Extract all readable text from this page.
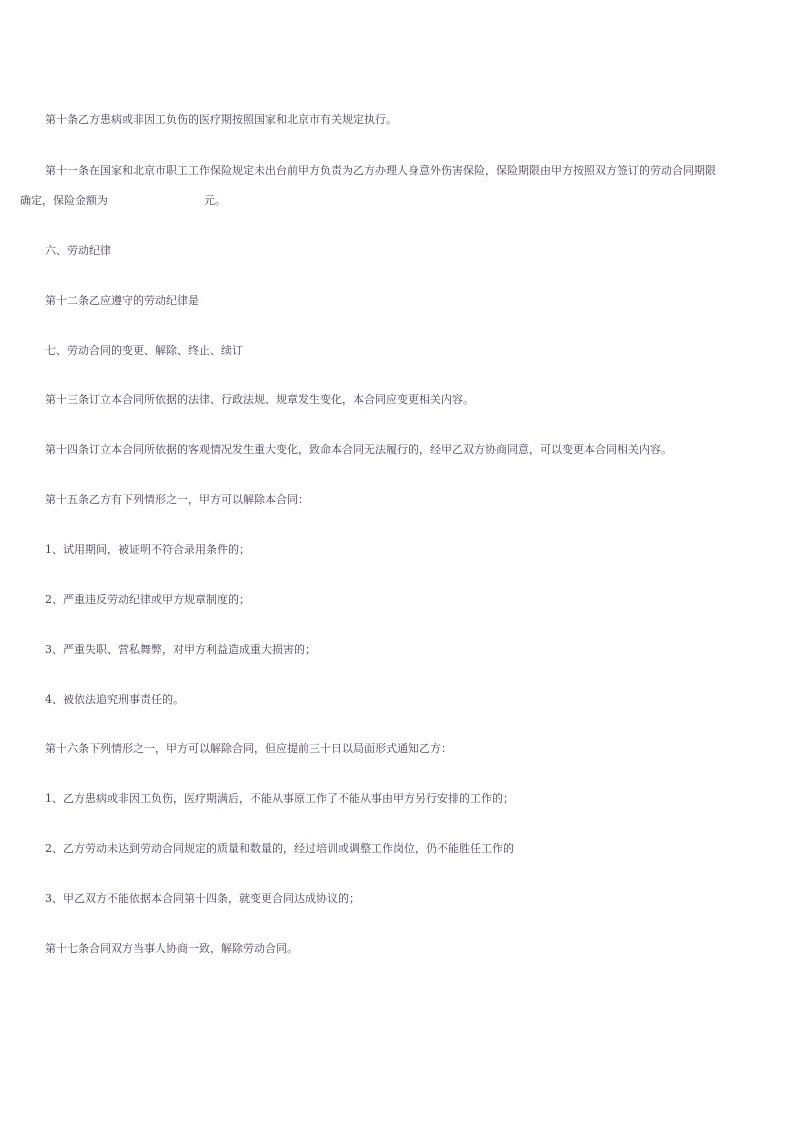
第十条乙方患病或非因工负伤的医疗期按照国家和北京市有关规定执行。
第十一条在国家和北京市职工工作保险规定未出台前甲方负责为乙方办理人身意外伤害保险，保险期限由甲方按照双方签订的劳动合同期限
确定，保险金额为	元。
六、劳动纪律
第十二条乙应遵守的劳动纪律是
七、劳动合同的变更、解除、终止、续订
第十三条订立本合同所依据的法律、行政法规、规章发生变化，本合同应变更相关内容。
第十四条订立本合同所依据的客观情况发生重大变化，致命本合同无法履行的，经甲乙双方协商同意，可以变更本合同相关内容。
第十五条乙方有下列情形之一，甲方可以解除本合同：
1、试用期间，被证明不符合录用条件的；
2、严重违反劳动纪律或甲方规章制度的；
3、严重失职、营私舞弊，对甲方利益造成重大损害的；
4、被依法追究刑事责任的。
第十六条下列情形之一，甲方可以解除合同，但应提前三十日以局面形式通知乙方：
1、乙方患病或非因工负伤，医疗期满后，不能从事原工作了不能从事由甲方另行安排的工作的；
2、乙方劳动未达到劳动合同规定的质量和数量的，经过培训或调整工作岗位，仍不能胜任工作的
3、甲乙双方不能依据本合同第十四条，就变更合同达成协议的；
第十七条合同双方当事人协商一致，解除劳动合同。
